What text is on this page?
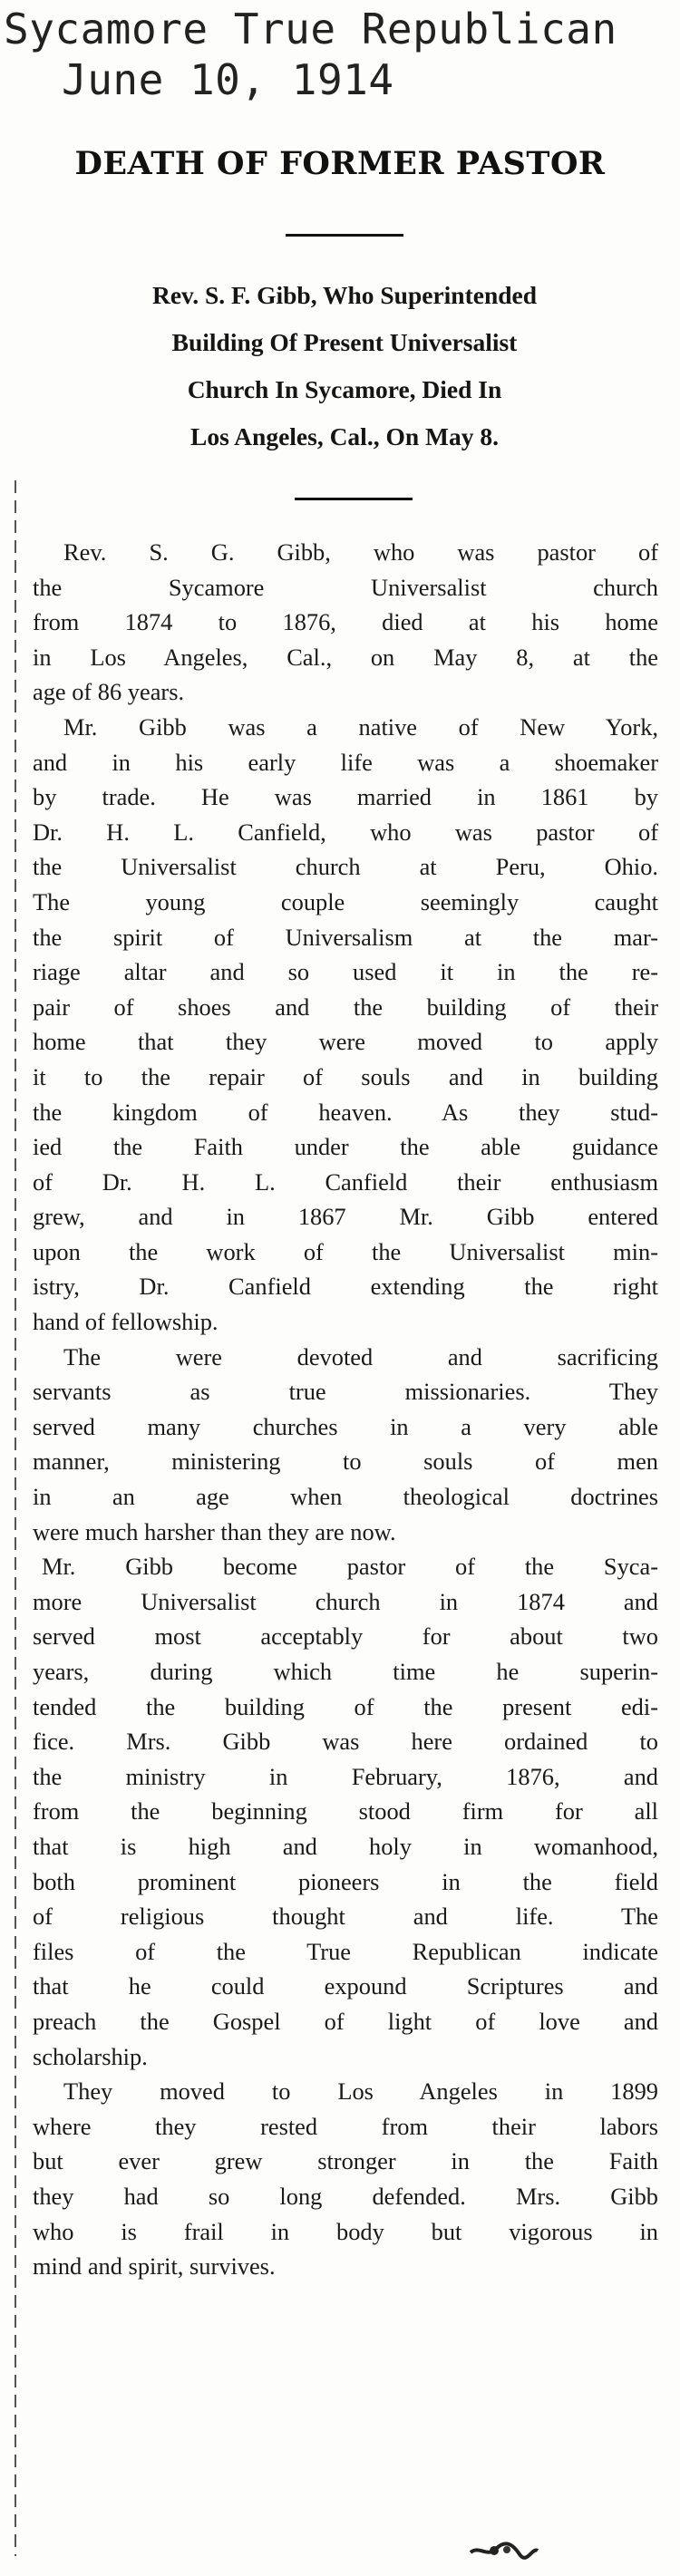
Sycamore True Republican
June 10, 1914
DEATH OF FORMER PASTOR
Rev. S. F. Gibb, Who Superintended
Building Of Present Universalist
Church In Sycamore, Died In
Los Angeles, Cal., On May 8.
Rev. S. G. Gibb, who was pastor of
the Sycamore Universalist church
from 1874 to 1876, died at his home
in Los Angeles, Cal., on May 8, at the
age of 86 years.
Mr. Gibb was a native of New York,
and in his early life was a shoemaker
by trade. He was married in 1861 by
Dr. H. L. Canfield, who was pastor of
the Universalist church at Peru, Ohio.
The young couple seemingly caught
the spirit of Universalism at the mar-
riage altar and so used it in the re-
pair of shoes and the building of their
home that they were moved to apply
it to the repair of souls and in building
the kingdom of heaven. As they stud-
ied the Faith under the able guidance
of Dr. H. L. Canfield their enthusiasm
grew, and in 1867 Mr. Gibb entered
upon the work of the Universalist min-
istry, Dr. Canfield extending the right
hand of fellowship.
The were devoted and sacrificing
servants as true missionaries. They
served many churches in a very able
manner, ministering to souls of men
in an age when theological doctrines
were much harsher than they are now.
Mr. Gibb become pastor of the Syca-
more Universalist church in 1874 and
served most acceptably for about two
years, during which time he superin-
tended the building of the present edi-
fice. Mrs. Gibb was here ordained to
the ministry in February, 1876, and
from the beginning stood firm for all
that is high and holy in womanhood,
both prominent pioneers in the field
of religious thought and life. The
files of the True Republican indicate
that he could expound Scriptures and
preach the Gospel of light of love and
scholarship.
They moved to Los Angeles in 1899
where they rested from their labors
but ever grew stronger in the Faith
they had so long defended. Mrs. Gibb
who is frail in body but vigorous in
mind and spirit, survives.
